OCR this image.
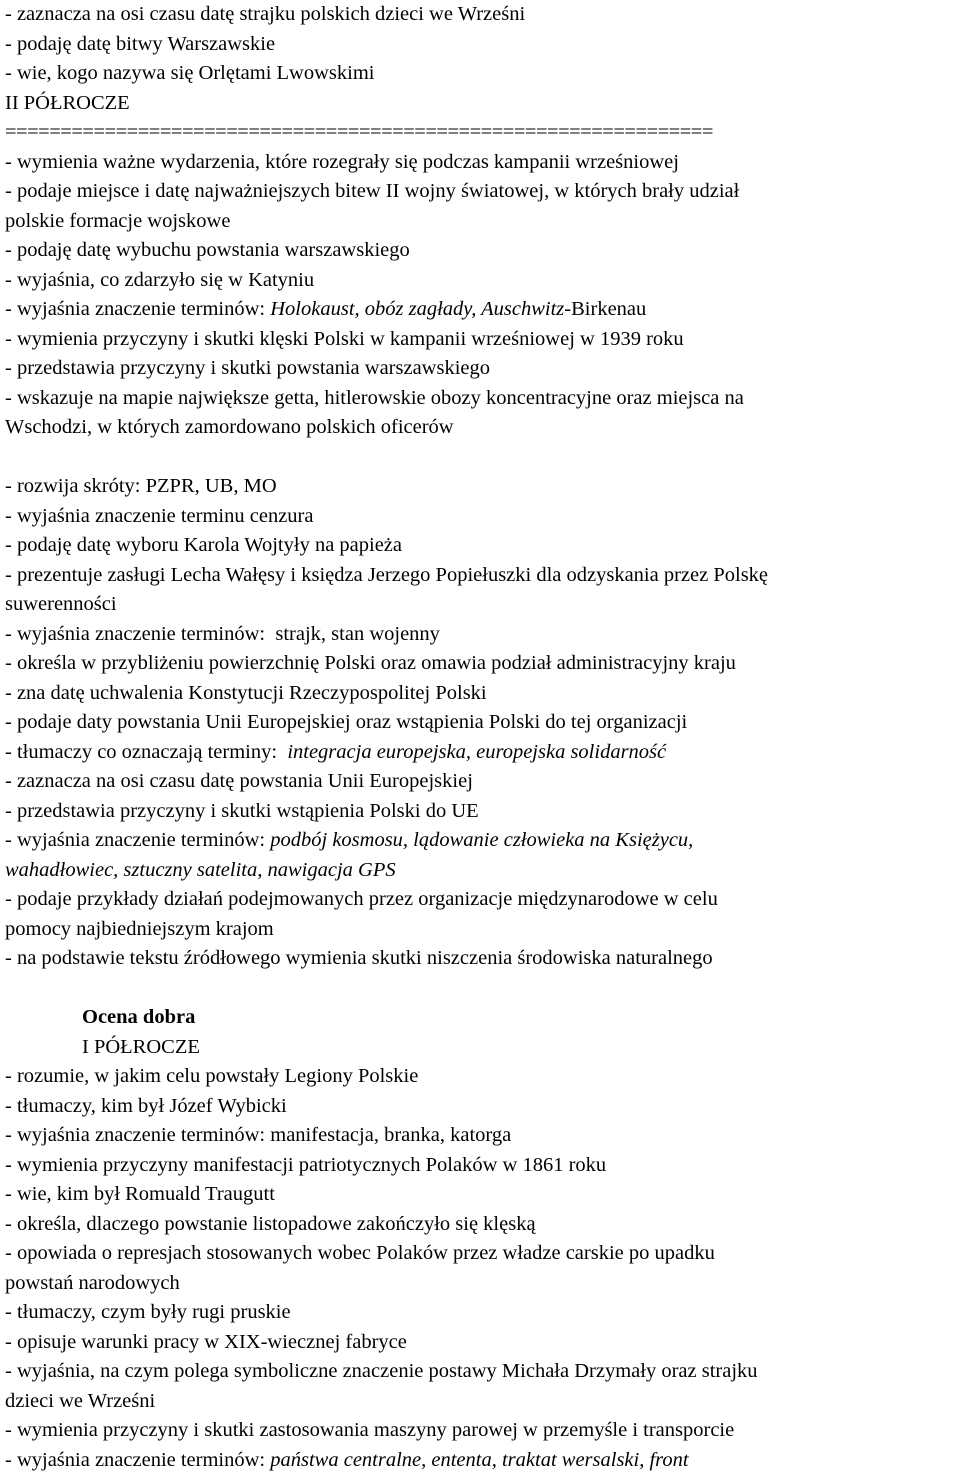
- zaznacza na osi czasu datę strajku polskich dzieci we Wrześni
- podaję datę bitwy Warszawskie
- wie, kogo nazywa się Orlętami Lwowskimi
II PÓŁROCZE
================================================================
- wymienia ważne wydarzenia, które rozegrały się podczas kampanii wrześniowej
- podaje miejsce i datę najważniejszych bitew II wojny światowej, w których brały udział
polskie formacje wojskowe
- podaję datę wybuchu powstania warszawskiego
- wyjaśnia, co zdarzyło się w Katyniu
- wyjaśnia znaczenie terminów: Holokaust, obóz zagłady, Auschwitz-Birkenau
- wymienia przyczyny i skutki klęski Polski w kampanii wrześniowej w 1939 roku
- przedstawia przyczyny i skutki powstania warszawskiego
- wskazuje na mapie największe getta, hitlerowskie obozy koncentracyjne oraz miejsca na
Wschodzi, w których zamordowano polskich oficerów
- rozwija skróty: PZPR, UB, MO
- wyjaśnia znaczenie terminu cenzura
- podaję datę wyboru Karola Wojtyły na papieża
- prezentuje zasługi Lecha Wałęsy i księdza Jerzego Popiełuszki dla odzyskania przez Polskę
suwerenności
- wyjaśnia znaczenie terminów:  strajk, stan wojenny
- określa w przybliżeniu powierzchnię Polski oraz omawia podział administracyjny kraju
- zna datę uchwalenia Konstytucji Rzeczypospolitej Polski
- podaje daty powstania Unii Europejskiej oraz wstąpienia Polski do tej organizacji
- tłumaczy co oznaczają terminy:  integracja europejska, europejska solidarność
- zaznacza na osi czasu datę powstania Unii Europejskiej
- przedstawia przyczyny i skutki wstąpienia Polski do UE
- wyjaśnia znaczenie terminów: podbój kosmosu, lądowanie człowieka na Księżycu,
wahadłowiec, sztuczny satelita, nawigacja GPS
- podaje przykłady działań podejmowanych przez organizacje międzynarodowe w celu
pomocy najbiedniejszym krajom
- na podstawie tekstu źródłowego wymienia skutki niszczenia środowiska naturalnego
Ocena dobra
I PÓŁROCZE
- rozumie, w jakim celu powstały Legiony Polskie
- tłumaczy, kim był Józef Wybicki
- wyjaśnia znaczenie terminów: manifestacja, branka, katorga
- wymienia przyczyny manifestacji patriotycznych Polaków w 1861 roku
- wie, kim był Romuald Traugutt
- określa, dlaczego powstanie listopadowe zakończyło się klęską
- opowiada o represjach stosowanych wobec Polaków przez władze carskie po upadku
powstań narodowych
- tłumaczy, czym były rugi pruskie
- opisuje warunki pracy w XIX-wiecznej fabryce
- wyjaśnia, na czym polega symboliczne znaczenie postawy Michała Drzymały oraz strajku
dzieci we Wrześni
- wymienia przyczyny i skutki zastosowania maszyny parowej w przemyśle i transporcie
- wyjaśnia znaczenie terminów: państwa centralne, ententa, traktat wersalski, front
